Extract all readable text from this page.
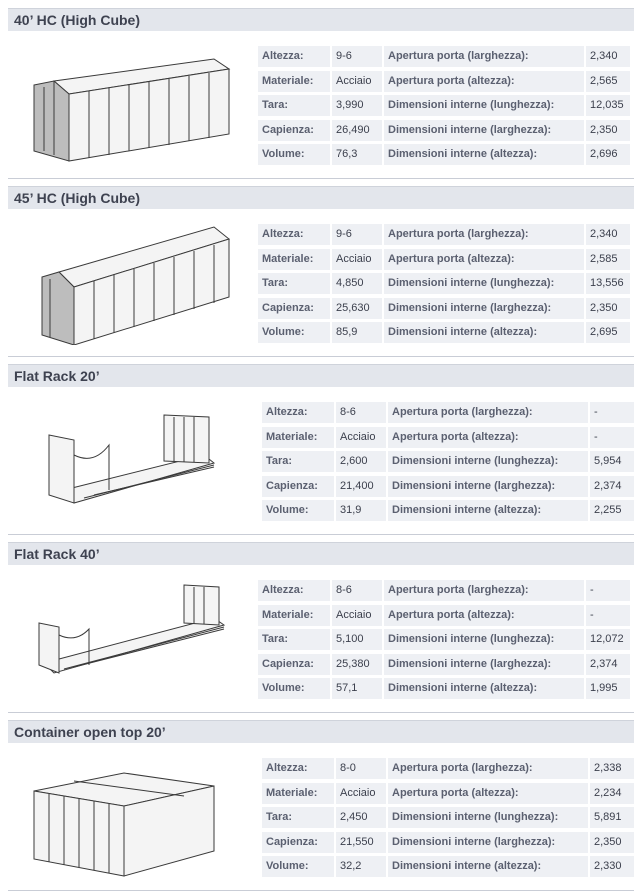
40’ HC (High Cube)
Altezza:	9-6	Apertura porta (larghezza):	2,340
Materiale:	Acciaio	Apertura porta (altezza):	2,565
Tara:	3,990	Dimensioni interne (lunghezza):	12,035
Capienza:	26,490	Dimensioni interne (larghezza):	2,350
Volume:	76,3	Dimensioni interne (altezza):	2,696
45’ HC (High Cube)
Altezza:	9-6	Apertura porta (larghezza):	2,340
Materiale:	Acciaio	Apertura porta (altezza):	2,585
Tara:	4,850	Dimensioni interne (lunghezza):	13,556
Capienza:	25,630	Dimensioni interne (larghezza):	2,350
Volume:	85,9	Dimensioni interne (altezza):	2,695
Flat Rack 20’
Altezza:	8-6	Apertura porta (larghezza):	-
Materiale:	Acciaio	Apertura porta (altezza):	-
Tara:	2,600	Dimensioni interne (lunghezza):	5,954
Capienza:	21,400	Dimensioni interne (larghezza):	2,374
Volume:	31,9	Dimensioni interne (altezza):	2,255
Flat Rack 40’
Altezza:	8-6	Apertura porta (larghezza):	-
Materiale:	Acciaio	Apertura porta (altezza):	-
Tara:	5,100	Dimensioni interne (lunghezza):	12,072
Capienza:	25,380	Dimensioni interne (larghezza):	2,374
Volume:	57,1	Dimensioni interne (altezza):	1,995
Container open top 20’
Altezza:	8-0	Apertura porta (larghezza):	2,338
Materiale:	Acciaio	Apertura porta (altezza):	2,234
Tara:	2,450	Dimensioni interne (lunghezza):	5,891
Capienza:	21,550	Dimensioni interne (larghezza):	2,350
Volume:	32,2	Dimensioni interne (altezza):	2,330
